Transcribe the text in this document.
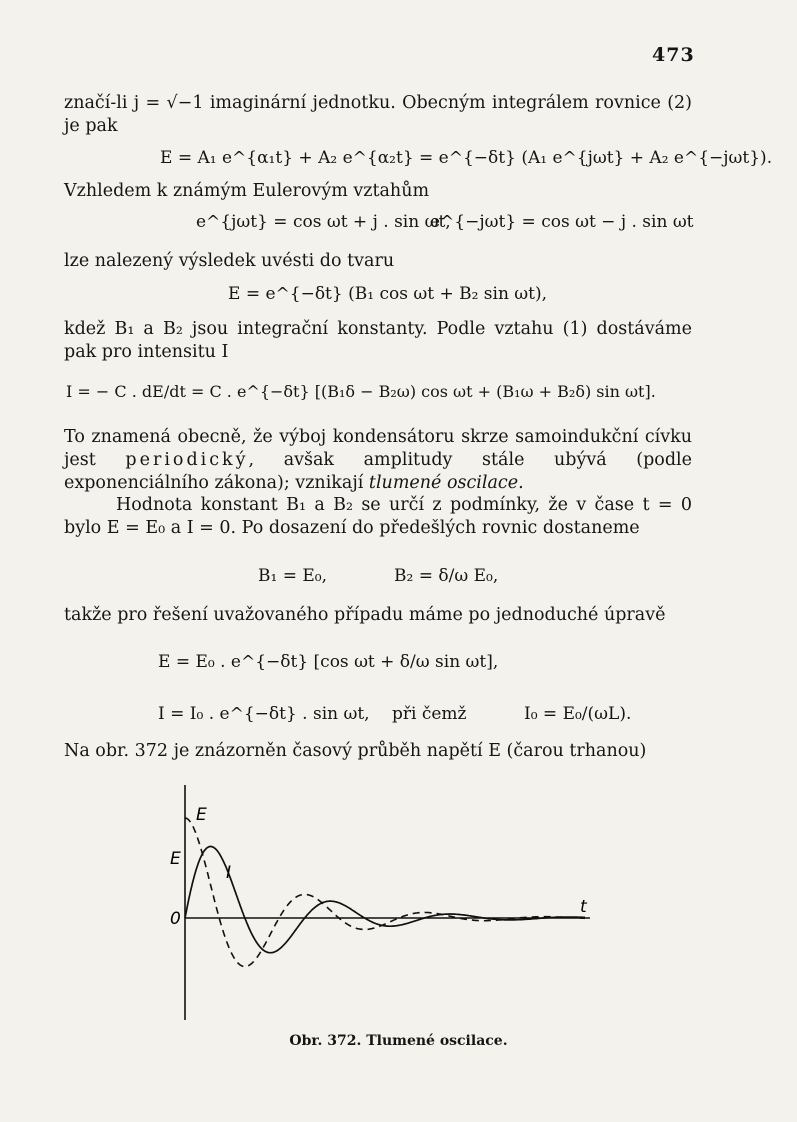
473
značí-li j = √−1 imaginární jednotku. Obecným integrálem rovnice (2) je pak
E = A₁ e^{α₁t} + A₂ e^{α₂t} = e^{−δt} (A₁ e^{jωt} + A₂ e^{−jωt}).
Vzhledem k známým Eulerovým vztahům
e^{jωt} = cos ωt + j . sin ωt,
e^{−jωt} = cos ωt − j . sin ωt
lze nalezený výsledek uvésti do tvaru
E = e^{−δt} (B₁ cos ωt + B₂ sin ωt),
kdež B₁ a B₂ jsou integrační konstanty. Podle vztahu (1) dostáváme pak pro intensitu I
I = − C . dE/dt = C . e^{−δt} [(B₁δ − B₂ω) cos ωt + (B₁ω + B₂δ) sin ωt].
To znamená obecně, že výboj kondensátoru skrze samoindukční cívku jest periodický, avšak amplitudy stále ubývá (podle exponenciálního zákona); vznikají tlumené oscilace.
Hodnota konstant B₁ a B₂ se určí z podmínky, že v čase t = 0 bylo E = E₀ a I = 0. Po dosazení do předešlých rovnic dostaneme
B₁ = E₀,	B₂ = δ/ω E₀,
takže pro řešení uvažovaného případu máme po jednoduché úpravě
E = E₀ . e^{−δt} [cos ωt + δ/ω sin ωt],
I = I₀ . e^{−δt} . sin ωt, při čemž	I₀ = E₀/(ωL).
Na obr. 372 je znázorněn časový průběh napětí E (čarou trhanou)
E
E
I
0
t
Obr. 372. Tlumené oscilace.
